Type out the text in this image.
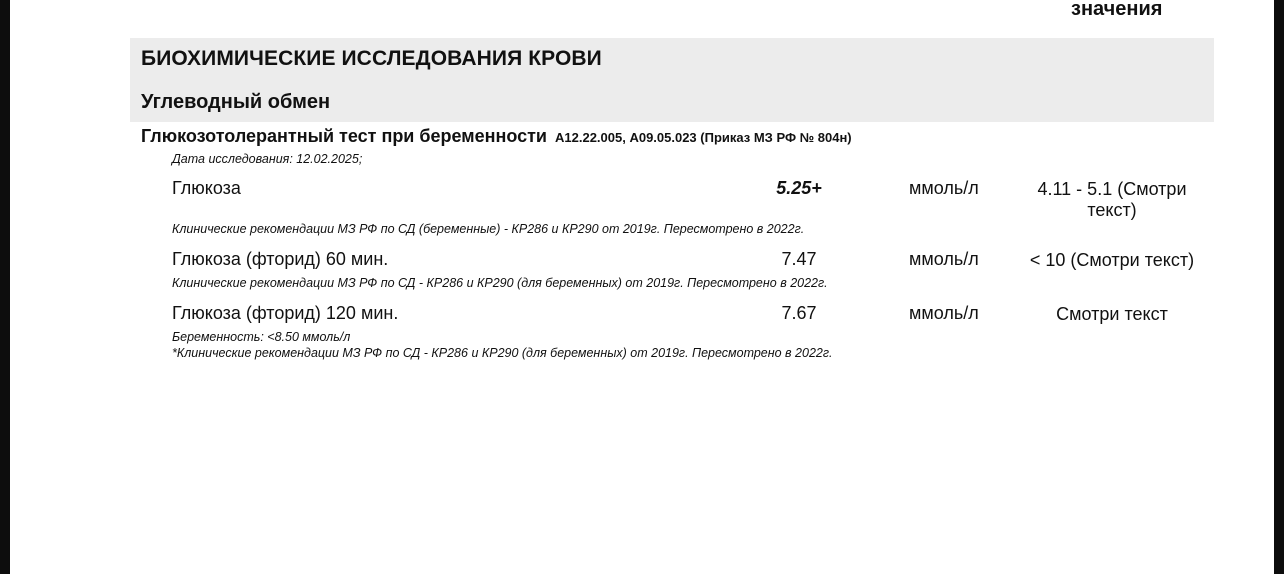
значения
БИОХИМИЧЕСКИЕ ИССЛЕДОВАНИЯ КРОВИ
Углеводный обмен
Глюкозотолерантный тест при беременности А12.22.005, А09.05.023 (Приказ МЗ РФ № 804н)
Дата исследования: 12.02.2025;
Глюкоза	5.25+	ммоль/л	4.11 - 5.1 (Смотри текст)
Клинические рекомендации МЗ РФ по СД (беременные) - КР286 и КР290 от 2019г. Пересмотрено в 2022г.
Глюкоза (фторид) 60 мин.	7.47	ммоль/л	< 10 (Смотри текст)
Клинические рекомендации МЗ РФ по СД - КР286 и КР290 (для беременных) от 2019г. Пересмотрено в 2022г.
Глюкоза (фторид) 120 мин.	7.67	ммоль/л	Смотри текст
Беременность: <8.50 ммоль/л
*Клинические рекомендации МЗ РФ по СД - КР286 и КР290 (для беременных) от 2019г. Пересмотрено в 2022г.
